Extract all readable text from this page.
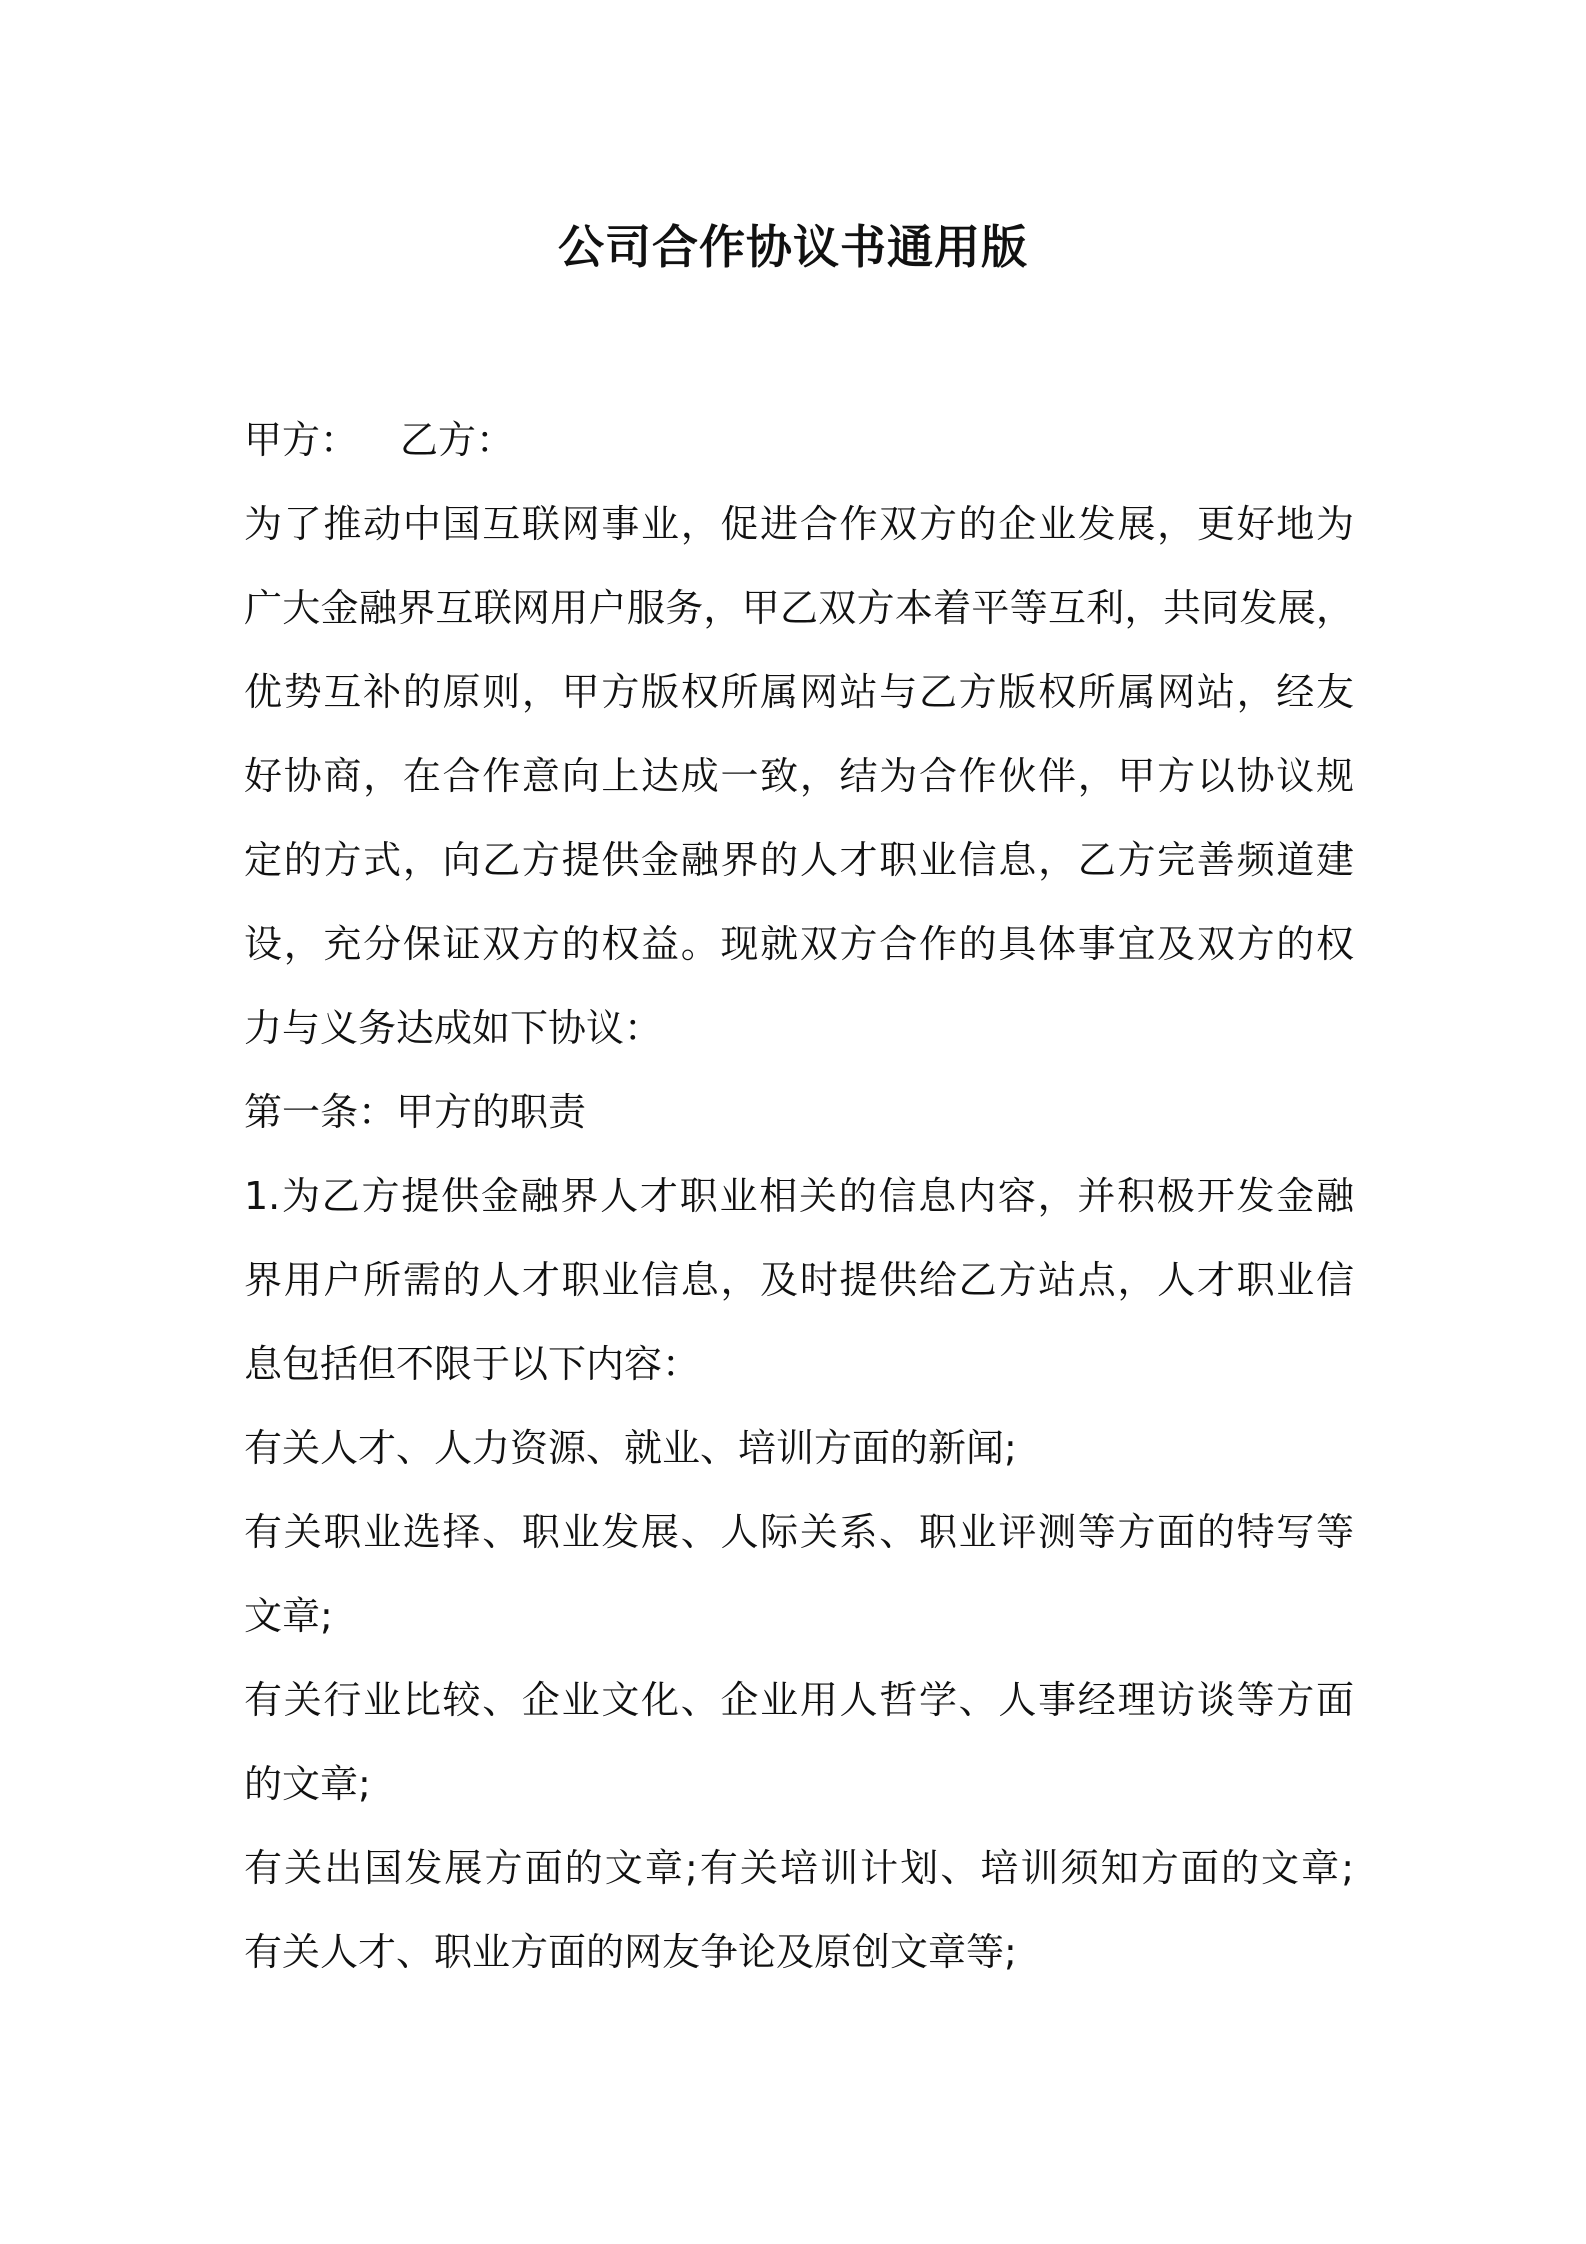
公司合作协议书通用版
甲方： 乙方：
为了推动中国互联网事业，促进合作双方的企业发展，更好地为
广大金融界互联网用户服务，甲乙双方本着平等互利，共同发展，
优势互补的原则，甲方版权所属网站与乙方版权所属网站，经友
好协商，在合作意向上达成一致，结为合作伙伴，甲方以协议规
定的方式，向乙方提供金融界的人才职业信息，乙方完善频道建
设，充分保证双方的权益。现就双方合作的具体事宜及双方的权
力与义务达成如下协议：
第一条：甲方的职责
1.为乙方提供金融界人才职业相关的信息内容，并积极开发金融
界用户所需的人才职业信息，及时提供给乙方站点，人才职业信
息包括但不限于以下内容：
有关人才、人力资源、就业、培训方面的新闻;
有关职业选择、职业发展、人际关系、职业评测等方面的特写等
文章;
有关行业比较、企业文化、企业用人哲学、人事经理访谈等方面
的文章;
有关出国发展方面的文章;有关培训计划、培训须知方面的文章;
有关人才、职业方面的网友争论及原创文章等;
